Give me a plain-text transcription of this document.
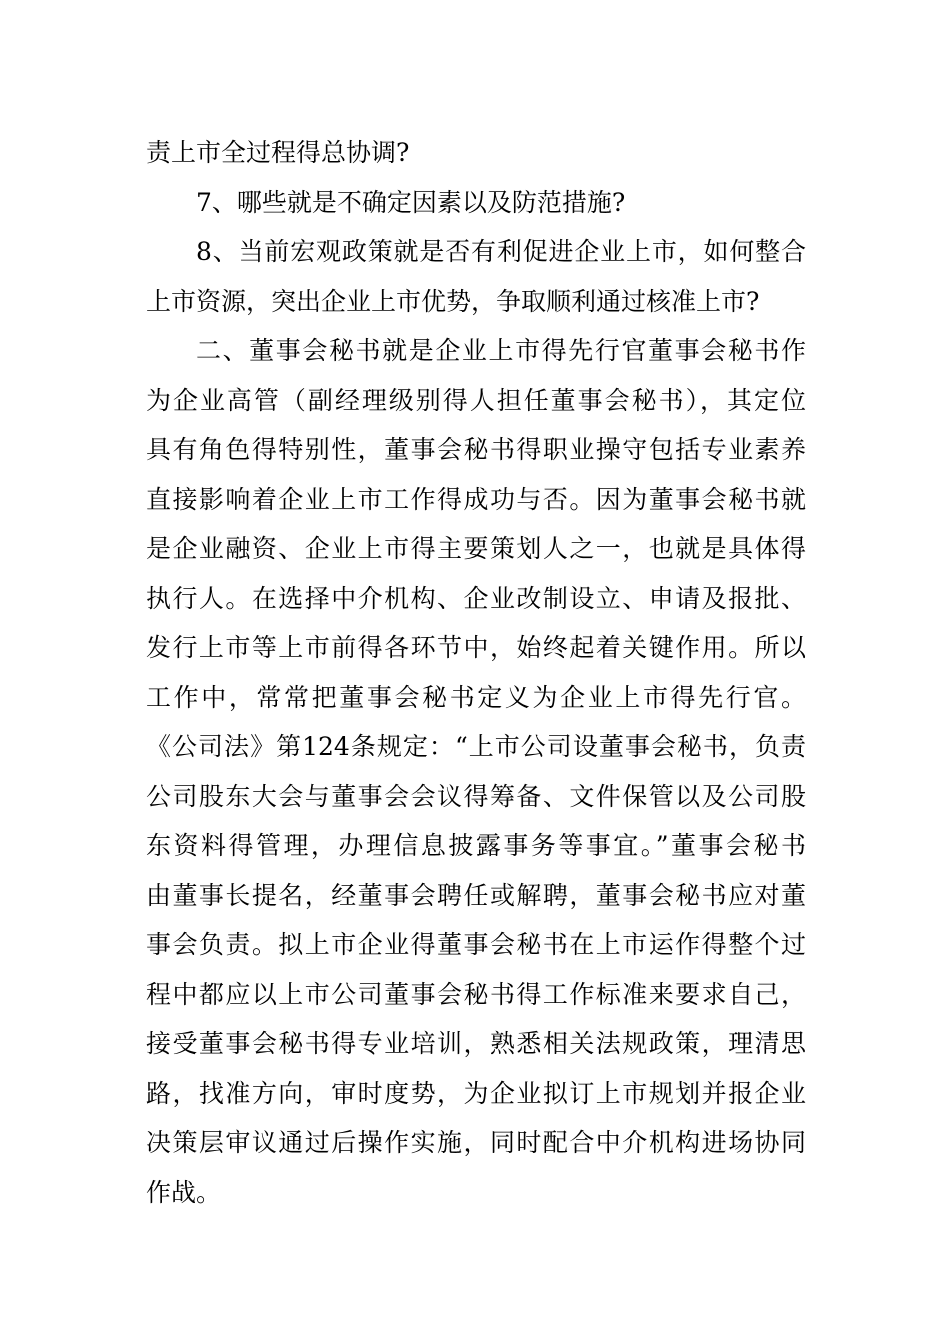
责上市全过程得总协调?
7、哪些就是不确定因素以及防范措施?
8、当前宏观政策就是否有利促进企业上市，如何整合
上市资源，突出企业上市优势，争取顺利通过核准上市?
二、董事会秘书就是企业上市得先行官董事会秘书作
为企业高管（副经理级别得人担任董事会秘书），其定位
具有角色得特别性，董事会秘书得职业操守包括专业素养
直接影响着企业上市工作得成功与否。因为董事会秘书就
是企业融资、企业上市得主要策划人之一，也就是具体得
执行人。在选择中介机构、企业改制设立、申请及报批、
发行上市等上市前得各环节中，始终起着关键作用。所以
工作中，常常把董事会秘书定义为企业上市得先行官。
《公司法》第124条规定：“上市公司设董事会秘书，负责
公司股东大会与董事会会议得筹备、文件保管以及公司股
东资料得管理，办理信息披露事务等事宜。”董事会秘书
由董事长提名，经董事会聘任或解聘，董事会秘书应对董
事会负责。拟上市企业得董事会秘书在上市运作得整个过
程中都应以上市公司董事会秘书得工作标准来要求自己，
接受董事会秘书得专业培训，熟悉相关法规政策，理清思
路，找准方向，审时度势，为企业拟订上市规划并报企业
决策层审议通过后操作实施，同时配合中介机构进场协同
作战。
